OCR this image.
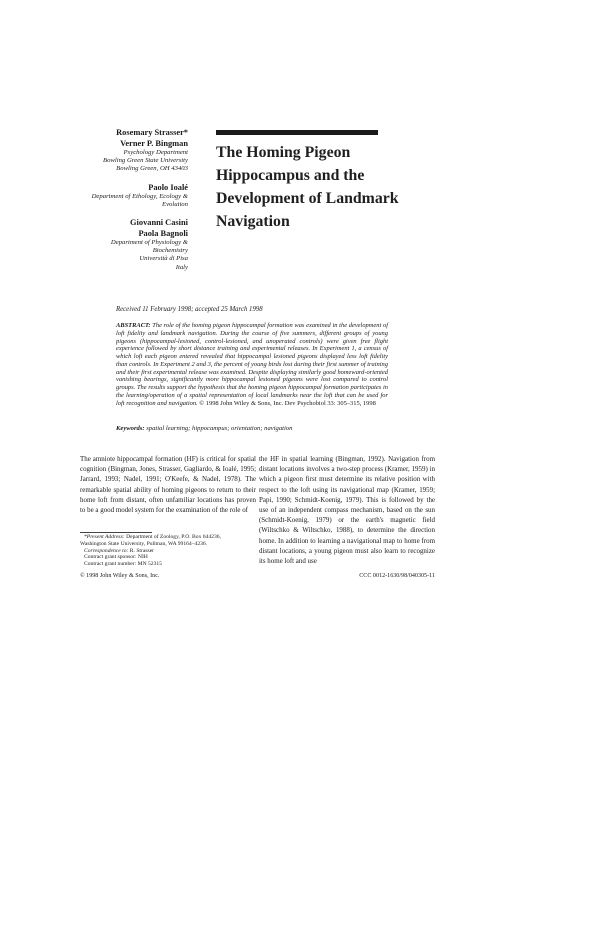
Rosemary Strasser*
Verner P. Bingman
Psychology Department
Bowling Green State University
Bowling Green, OH 43403
Paolo Ioalé
Department of Ethology, Ecology &
Evolution
Giovanni Casini
Paola Bagnoli
Department of Physiology &
Biochemistry
Università di Pisa
Italy
The Homing Pigeon Hippocampus and the Development of Landmark Navigation
Received 11 February 1998; accepted 25 March 1998
ABSTRACT: The role of the homing pigeon hippocampal formation was examined in the development of loft fidelity and landmark navigation. During the course of five summers, different groups of young pigeons (hippocampal-lesioned, control-lesioned, and unoperated controls) were given free flight experience followed by short distance training and experimental releases. In Experiment 1, a census of which loft each pigeon entered revealed that hippocampal lesioned pigeons displayed less loft fidelity than controls. In Experiment 2 and 3, the percent of young birds lost during their first summer of training and their first experimental release was examined. Despite displaying similarly good homeward-oriented vanishing bearings, significantly more hippocampal lesioned pigeons were lost compared to control groups. The results support the hypothesis that the homing pigeon hippocampal formation participates in the learning/operation of a spatial representation of local landmarks near the loft that can be used for loft recognition and navigation. © 1998 John Wiley & Sons, Inc. Dev Psychobiol 33: 305–315, 1998
Keywords: spatial learning; hippocampus; orientation; navigation
The amniote hippocampal formation (HF) is critical for spatial cognition (Bingman, Jones, Strasser, Gagliardo, & Ioalé, 1995; Jarrard, 1993; Nadel, 1991; O'Keefe, & Nadel, 1978). The remarkable spatial ability of homing pigeons to return to their home loft from distant, often unfamiliar locations has proven to be a good model system for the examination of the role of
the HF in spatial learning (Bingman, 1992). Navigation from distant locations involves a two-step process (Kramer, 1959) in which a pigeon first must determine its relative position with respect to the loft using its navigational map (Kramer, 1959; Papi, 1990; Schmidt-Koenig, 1979). This is followed by the use of an independent compass mechanism, based on the sun (Schmidt-Koenig, 1979) or the earth's magnetic field (Wiltschko & Wiltschko, 1988), to determine the direction home. In addition to learning a navigational map to home from distant locations, a young pigeon must also learn to recognize its home loft and use
*Present Address: Department of Zoology, P.O. Box 644236,
Washington State University, Pullman, WA 99164–4236.
Correspondence to: R. Strasser
Contract grant sponsor: NIH
Contract grant number: MN 52315
© 1998 John Wiley & Sons, Inc.	CCC 0012-1630/98/040305-11
